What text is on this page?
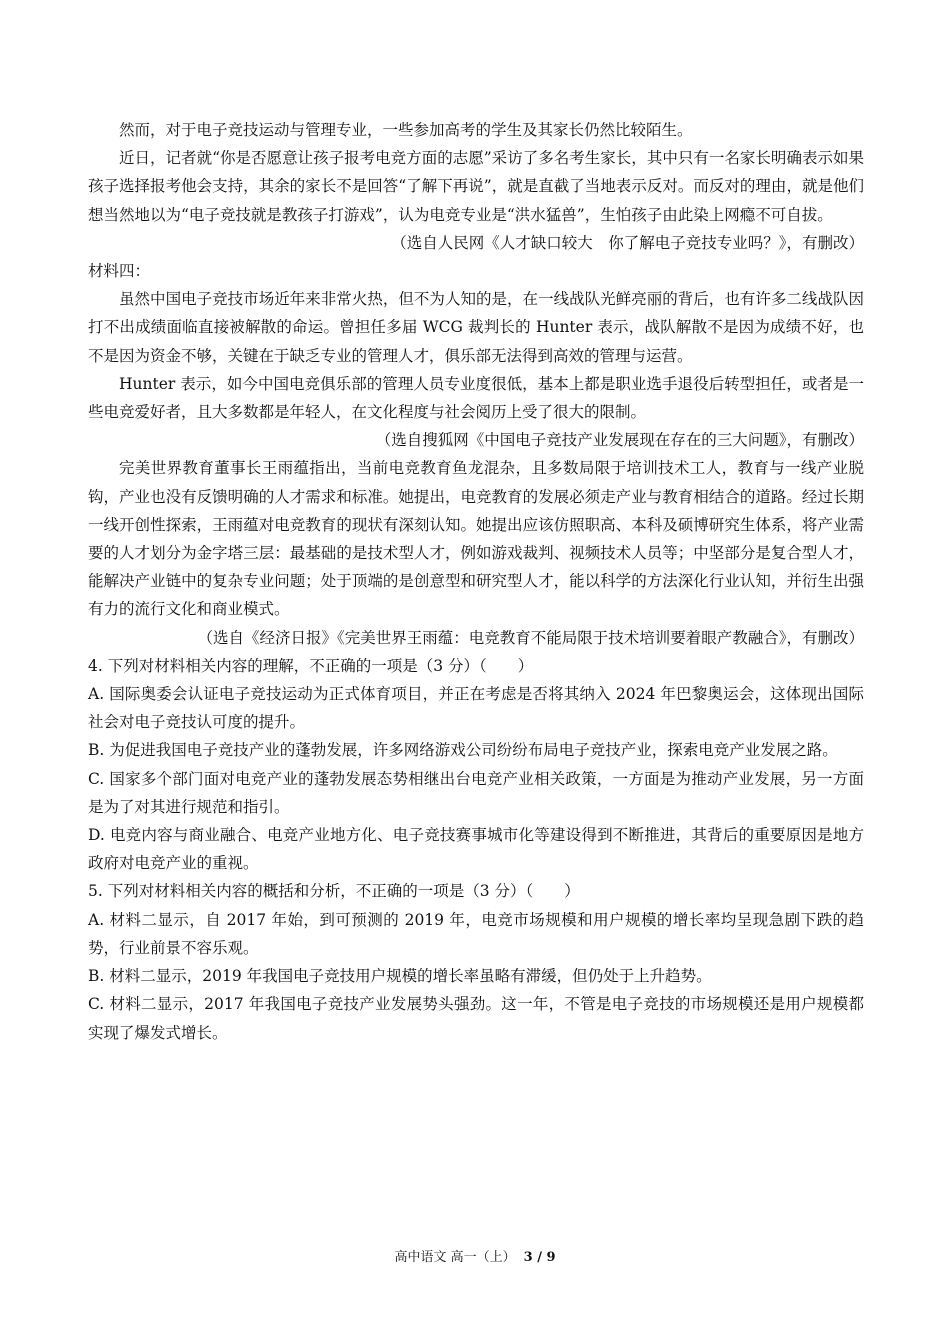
然而，对于电子竞技运动与管理专业，一些参加高考的学生及其家长仍然比较陌生。

近日，记者就“你是否愿意让孩子报考电竞方面的志愿”采访了多名考生家长，其中只有一名家长明确表示如果孩子选择报考他会支持，其余的家长不是回答“了解下再说”，就是直截了当地表示反对。而反对的理由，就是他们想当然地以为“电子竞技就是教孩子打游戏”，认为电竞专业是“洪水猛兽”，生怕孩子由此染上网瘾不可自拔。

（选自人民网《人才缺口较大　你了解电子竞技专业吗？》，有删改）

材料四：

虽然中国电子竞技市场近年来非常火热，但不为人知的是，在一线战队光鲜亮丽的背后，也有许多二线战队因打不出成绩面临直接被解散的命运。曾担任多届 WCG 裁判长的 Hunter 表示，战队解散不是因为成绩不好，也不是因为资金不够，关键在于缺乏专业的管理人才，俱乐部无法得到高效的管理与运营。

Hunter 表示，如今中国电竞俱乐部的管理人员专业度很低，基本上都是职业选手退役后转型担任，或者是一些电竞爱好者，且大多数都是年轻人，在文化程度与社会阅历上受了很大的限制。

（选自搜狐网《中国电子竞技产业发展现在存在的三大问题》，有删改）

完美世界教育董事长王雨蕴指出，当前电竞教育鱼龙混杂，且多数局限于培训技术工人，教育与一线产业脱钩，产业也没有反馈明确的人才需求和标准。她提出，电竞教育的发展必须走产业与教育相结合的道路。经过长期一线开创性探索，王雨蕴对电竞教育的现状有深刻认知。她提出应该仿照职高、本科及硕博研究生体系，将产业需要的人才划分为金字塔三层：最基础的是技术型人才，例如游戏裁判、视频技术人员等；中坚部分是复合型人才，能解决产业链中的复杂专业问题；处于顶端的是创意型和研究型人才，能以科学的方法深化行业认知，并衍生出强有力的流行文化和商业模式。

（选自《经济日报》《完美世界王雨蕴：电竞教育不能局限于技术培训要着眼产教融合》，有删改）

4. 下列对材料相关内容的理解，不正确的一项是（3 分）（　　）

A. 国际奥委会认证电子竞技运动为正式体育项目，并正在考虑是否将其纳入 2024 年巴黎奥运会，这体现出国际社会对电子竞技认可度的提升。

B. 为促进我国电子竞技产业的蓬勃发展，许多网络游戏公司纷纷布局电子竞技产业，探索电竞产业发展之路。

C. 国家多个部门面对电竞产业的蓬勃发展态势相继出台电竞产业相关政策，一方面是为推动产业发展，另一方面是为了对其进行规范和指引。

D. 电竞内容与商业融合、电竞产业地方化、电子竞技赛事城市化等建设得到不断推进，其背后的重要原因是地方政府对电竞产业的重视。

5. 下列对材料相关内容的概括和分析，不正确的一项是（3 分）（　　）

A. 材料二显示，自 2017 年始，到可预测的 2019 年，电竞市场规模和用户规模的增长率均呈现急剧下跌的趋势，行业前景不容乐观。

B. 材料二显示，2019 年我国电子竞技用户规模的增长率虽略有滞缓，但仍处于上升趋势。

C. 材料二显示，2017 年我国电子竞技产业发展势头强劲。这一年，不管是电子竞技的市场规模还是用户规模都实现了爆发式增长。

高中语文 高一（上） 3 / 9
